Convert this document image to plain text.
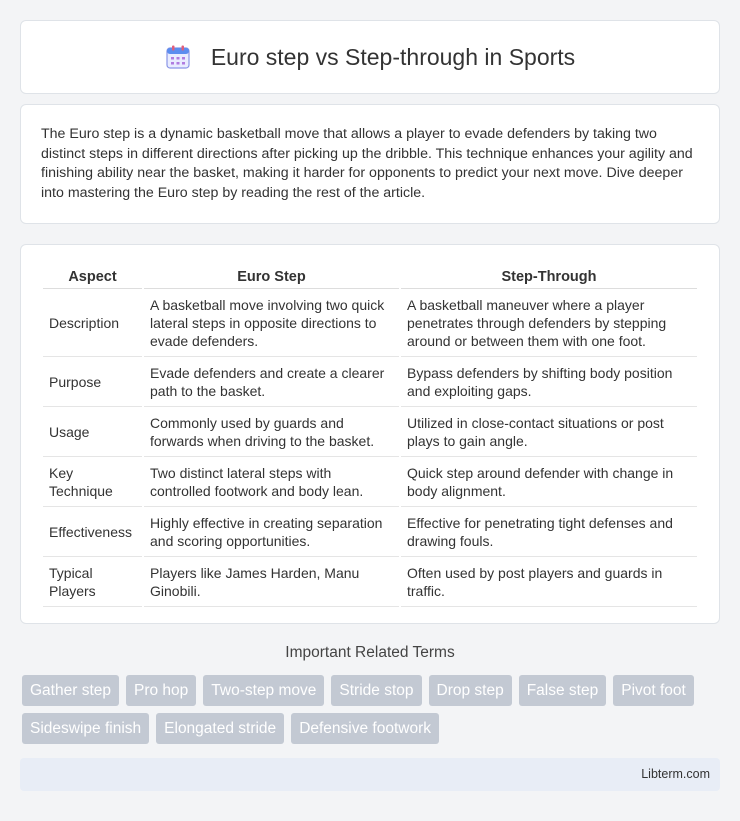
Euro step vs Step-through in Sports

The Euro step is a dynamic basketball move that allows a player to evade defenders by taking two distinct steps in different directions after picking up the dribble. This technique enhances your agility and finishing ability near the basket, making it harder for opponents to predict your next move. Dive deeper into mastering the Euro step by reading the rest of the article.

Aspect	Euro Step	Step-Through
Description	A basketball move involving two quick lateral steps in opposite directions to evade defenders.	A basketball maneuver where a player penetrates through defenders by stepping around or between them with one foot.
Purpose	Evade defenders and create a clearer path to the basket.	Bypass defenders by shifting body position and exploiting gaps.
Usage	Commonly used by guards and forwards when driving to the basket.	Utilized in close-contact situations or post plays to gain angle.
Key Technique	Two distinct lateral steps with controlled footwork and body lean.	Quick step around defender with change in body alignment.
Effectiveness	Highly effective in creating separation and scoring opportunities.	Effective for penetrating tight defenses and drawing fouls.
Typical Players	Players like James Harden, Manu Ginobili.	Often used by post players and guards in traffic.
Important Related Terms
Gather step	Pro hop	Two-step move	Stride stop	Drop step	False step	Pivot foot
Sideswipe finish	Elongated stride	Defensive footwork
Libterm.com
